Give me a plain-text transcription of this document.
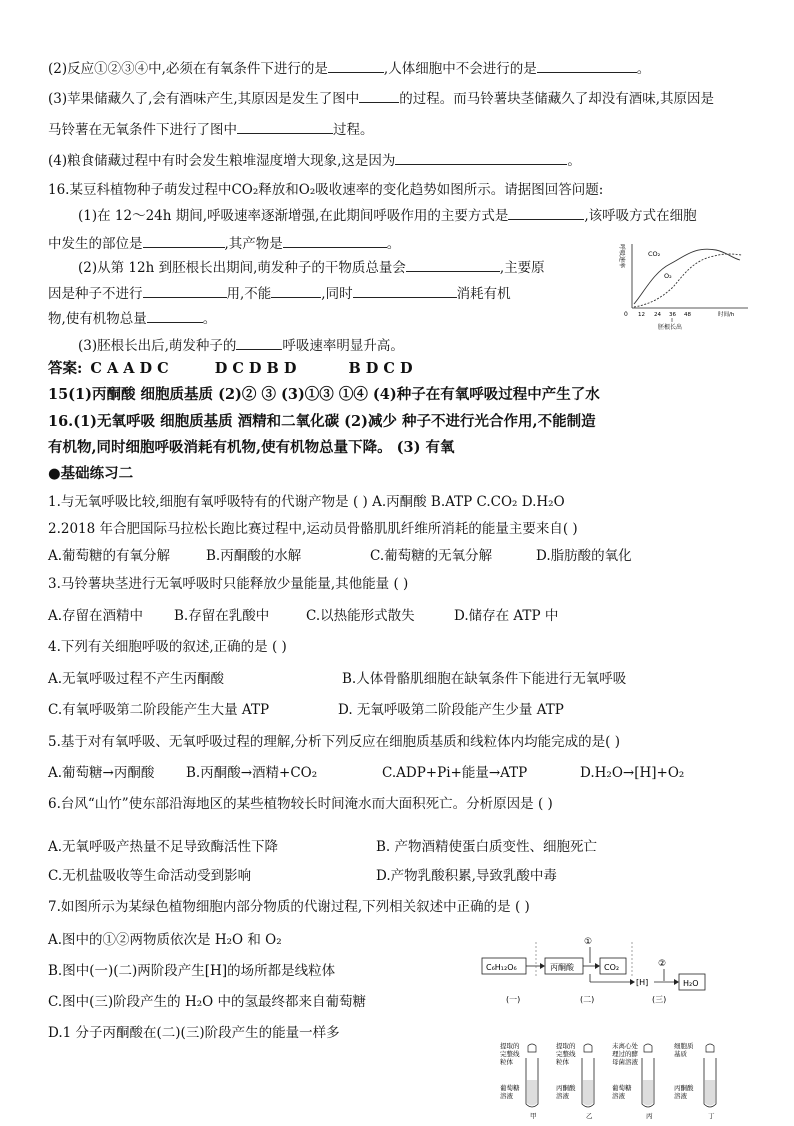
(2)反应①②③④中,必须在有氧条件下进行的是	,人体细胞中不会进行的是	。
(3)苹果储藏久了,会有酒味产生,其原因是发生了图中	的过程。而马铃薯块茎储藏久了却没有酒味,其原因是
马铃薯在无氧条件下进行了图中	过程。
(4)粮食储藏过程中有时会发生粮堆湿度增大现象,这是因为	。
16.某豆科植物种子萌发过程中CO₂释放和O₂吸收速率的变化趋势如图所示。请据图回答问题:
(1)在 12～24h 期间,呼吸速率逐渐增强,在此期间呼吸作用的主要方式是	,该呼吸方式在细胞
中发生的部位是	,其产物是	。
(2)从第 12h 到胚根长出期间,萌发种子的干物质总量会	,主要原
因是种子不进行	用,不能	,同时	消耗有机
物,使有机物总量	。
(3)胚根长出后,萌发种子的	呼吸速率明显升高。
呼吸速率	CO₂
O₂
0 12 24 36 48	时间/h
胚根长出
答案: C A A D C	D C D B D	B D C D
15(1)丙酮酸 细胞质基质 (2)② ③ (3)①③ ①④ (4)种子在有氧呼吸过程中产生了水
16.(1)无氧呼吸 细胞质基质 酒精和二氧化碳 (2)减少 种子不进行光合作用,不能制造
有机物,同时细胞呼吸消耗有机物,使有机物总量下降。 (3) 有氧
●基础练习二
1.与无氧呼吸比较,细胞有氧呼吸特有的代谢产物是 ( ) A.丙酮酸 B.ATP C.CO₂ D.H₂O
2.2018 年合肥国际马拉松长跑比赛过程中,运动员骨骼肌肌纤维所消耗的能量主要来自( )
A.葡萄糖的有氧分解	B.丙酮酸的水解	C.葡萄糖的无氧分解	D.脂肪酸的氧化
3.马铃薯块茎进行无氧呼吸时只能释放少量能量,其他能量 ( )
A.存留在酒精中 B.存留在乳酸中	C.以热能形式散失	D.储存在 ATP 中
4.下列有关细胞呼吸的叙述,正确的是 ( )
A.无氧呼吸过程不产生丙酮酸	B.人体骨骼肌细胞在缺氧条件下能进行无氧呼吸
C.有氧呼吸第二阶段能产生大量 ATP	D. 无氧呼吸第二阶段能产生少量 ATP
5.基于对有氧呼吸、无氧呼吸过程的理解,分析下列反应在细胞质基质和线粒体内均能完成的是( )
A.葡萄糖→丙酮酸 B.丙酮酸→酒精+CO₂	C.ADP+Pi+能量→ATP	D.H₂O→[H]+O₂
6.台风“山竹”使东部沿海地区的某些植物较长时间淹水而大面积死亡。分析原因是 ( )
A.无氧呼吸产热量不足导致酶活性下降	B. 产物酒精使蛋白质变性、细胞死亡
C.无机盐吸收等生命活动受到影响	D.产物乳酸积累,导致乳酸中毒
7.如图所示为某绿色植物细胞内部分物质的代谢过程,下列相关叙述中正确的是 ( )
A.图中的①②两物质依次是 H₂O 和 O₂
B.图中(一)(二)两阶段产生[H]的场所都是线粒体
C.图中(三)阶段产生的 H₂O 中的氢最终都来自葡萄糖
D.1 分子丙酮酸在(二)(三)阶段产生的能量一样多
C₆H₁₂O₆	丙酮酸	CO₂
①
[H]
②
H₂O
(一)	(二)	(三)
提取的
完整线
粒体
葡萄糖
溶液
甲
提取的
完整线
粒体
丙酮酸
溶液
乙
未离心处
理过的酵
母菌溶液
葡萄糖
溶液
丙
细胞质
基质
丙酮酸
溶液
丁
